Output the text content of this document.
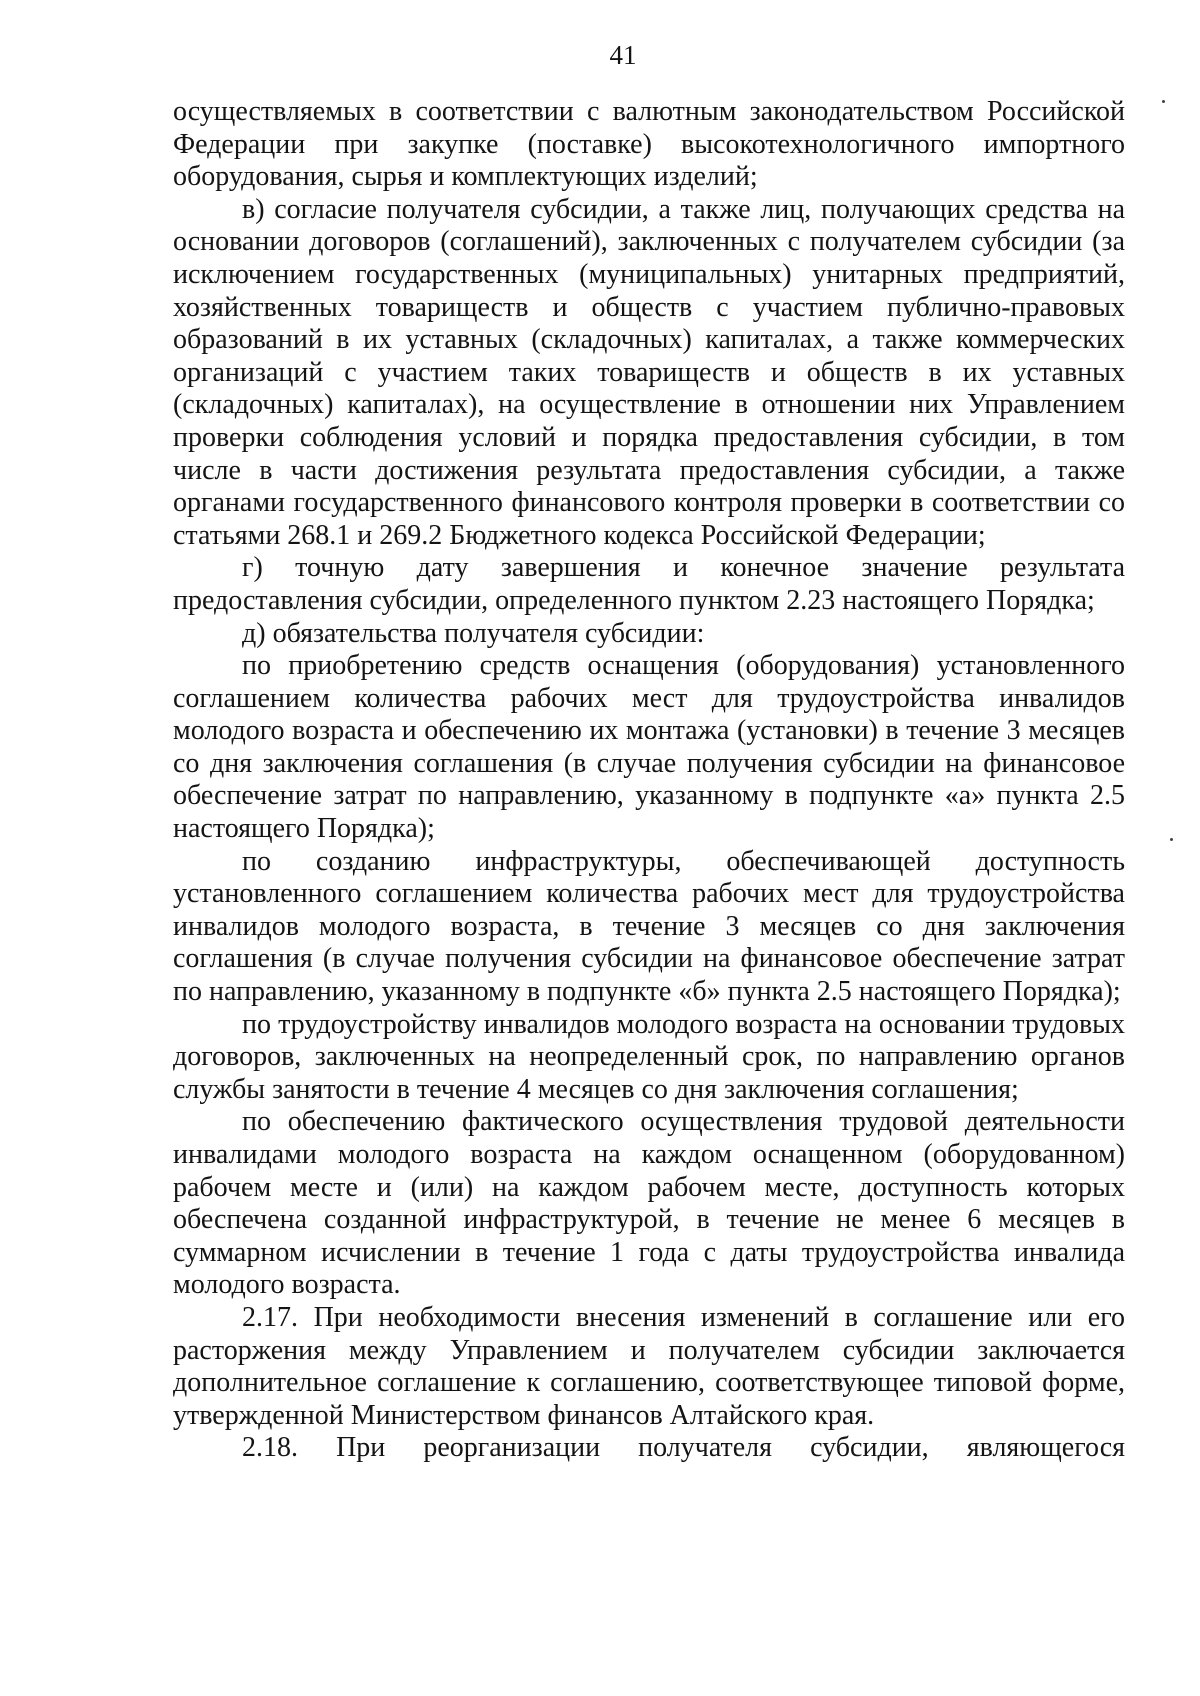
41

осуществляемых в соответствии с валютным законодательством Российской Федерации при закупке (поставке) высокотехнологичного импортного оборудования, сырья и комплектующих изделий;

в) согласие получателя субсидии, а также лиц, получающих средства на основании договоров (соглашений), заключенных с получателем субсидии (за исключением государственных (муниципальных) унитарных предприятий, хозяйственных товариществ и обществ с участием публично-правовых образований в их уставных (складочных) капиталах, а также коммерческих организаций с участием таких товариществ и обществ в их уставных (складочных) капиталах), на осуществление в отношении них Управлением проверки соблюдения условий и порядка предоставления субсидии, в том числе в части достижения результата предоставления субсидии, а также органами государственного финансового контроля проверки в соответствии со статьями 268.1 и 269.2 Бюджетного кодекса Российской Федерации;

г) точную дату завершения и конечное значение результата предоставления субсидии, определенного пунктом 2.23 настоящего Порядка;

д) обязательства получателя субсидии:

по приобретению средств оснащения (оборудования) установленного соглашением количества рабочих мест для трудоустройства инвалидов молодого возраста и обеспечению их монтажа (установки) в течение 3 месяцев со дня заключения соглашения (в случае получения субсидии на финансовое обеспечение затрат по направлению, указанному в подпункте «а» пункта 2.5 настоящего Порядка);

по созданию инфраструктуры, обеспечивающей доступность установленного соглашением количества рабочих мест для трудоустройства инвалидов молодого возраста, в течение 3 месяцев со дня заключения соглашения (в случае получения субсидии на финансовое обеспечение затрат по направлению, указанному в подпункте «б» пункта 2.5 настоящего Порядка);

по трудоустройству инвалидов молодого возраста на основании трудовых договоров, заключенных на неопределенный срок, по направлению органов службы занятости в течение 4 месяцев со дня заключения соглашения;

по обеспечению фактического осуществления трудовой деятельности инвалидами молодого возраста на каждом оснащенном (оборудованном) рабочем месте и (или) на каждом рабочем месте, доступность которых обеспечена созданной инфраструктурой, в течение не менее 6 месяцев в суммарном исчислении в течение 1 года с даты трудоустройства инвалида молодого возраста.

2.17. При необходимости внесения изменений в соглашение или его расторжения между Управлением и получателем субсидии заключается дополнительное соглашение к соглашению, соответствующее типовой форме, утвержденной Министерством финансов Алтайского края.

2.18. При реорганизации получателя субсидии, являющегося
